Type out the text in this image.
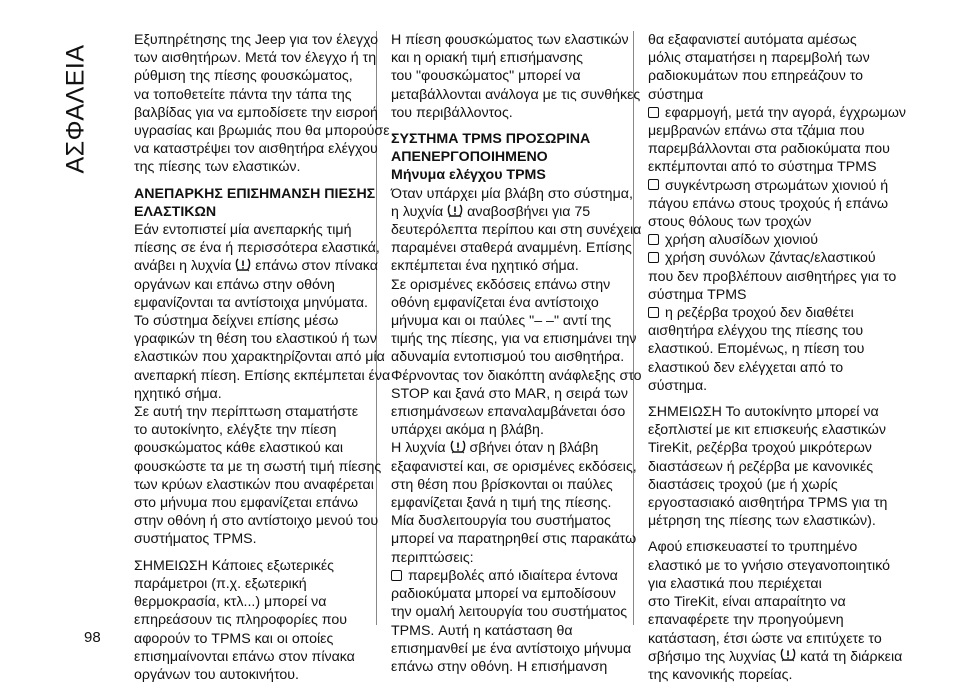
ΑΣΦΑΛΕΙΑ
Εξυπηρέτησης της Jeep για τον έλεγχο
των αισθητήρων. Μετά τον έλεγχο ή τη
ρύθμιση της πίεσης φουσκώματος,
να τοποθετείτε πάντα την τάπα της
βαλβίδας για να εμποδίσετε την εισροή
υγρασίας και βρωμιάς που θα μπορούσε
να καταστρέψει τον αισθητήρα ελέγχου
της πίεσης των ελαστικών.
ΑΝΕΠΑΡΚΗΣ ΕΠΙΣΗΜΑΝΣΗ ΠΙΕΣΗΣ
ΕΛΑΣΤΙΚΩΝ
Εάν εντοπιστεί μία ανεπαρκής τιμή
πίεσης σε ένα ή περισσότερα ελαστικά,
ανάβει η λυχνία επάνω στον πίνακα
οργάνων και επάνω στην οθόνη
εμφανίζονται τα αντίστοιχα μηνύματα.
Το σύστημα δείχνει επίσης μέσω
γραφικών τη θέση του ελαστικού ή των
ελαστικών που χαρακτηρίζονται από μία
ανεπαρκή πίεση. Επίσης εκπέμπεται ένα
ηχητικό σήμα.
Σε αυτή την περίπτωση σταματήστε
το αυτοκίνητο, ελέγξτε την πίεση
φουσκώματος κάθε ελαστικού και
φουσκώστε τα με τη σωστή τιμή πίεσης
των κρύων ελαστικών που αναφέρεται
στο μήνυμα που εμφανίζεται επάνω
στην οθόνη ή στο αντίστοιχο μενού του
συστήματος TPMS.
ΣΗΜΕΙΩΣΗ Κάποιες εξωτερικές
παράμετροι (π.χ. εξωτερική
θερμοκρασία, κτλ...) μπορεί να
επηρεάσουν τις πληροφορίες που
αφορούν το TPMS και οι οποίες
επισημαίνονται επάνω στον πίνακα
οργάνων του αυτοκινήτου.
Η πίεση φουσκώματος των ελαστικών
και η οριακή τιμή επισήμανσης
του "φουσκώματος" μπορεί να
μεταβάλλονται ανάλογα με τις συνθήκες
του περιβάλλοντος.
ΣΥΣΤΗΜΑ TPMS ΠΡΟΣΩΡΙΝΑ
ΑΠΕΝΕΡΓΟΠΟΙΗΜΕΝΟ
Μήνυμα ελέγχου TPMS
Όταν υπάρχει μία βλάβη στο σύστημα,
η λυχνία αναβοσβήνει για 75
δευτερόλεπτα περίπου και στη συνέχεια
παραμένει σταθερά αναμμένη. Επίσης
εκπέμπεται ένα ηχητικό σήμα.
Σε ορισμένες εκδόσεις επάνω στην
οθόνη εμφανίζεται ένα αντίστοιχο
μήνυμα και οι παύλες "– –" αντί της
τιμής της πίεσης, για να επισημάνει την
αδυναμία εντοπισμού του αισθητήρα.
Φέρνοντας τον διακόπτη ανάφλεξης στο
STOP και ξανά στο MAR, η σειρά των
επισημάνσεων επαναλαμβάνεται όσο
υπάρχει ακόμα η βλάβη.
Η λυχνία σβήνει όταν η βλάβη
εξαφανιστεί και, σε ορισμένες εκδόσεις,
στη θέση που βρίσκονται οι παύλες
εμφανίζεται ξανά η τιμή της πίεσης.
Μία δυσλειτουργία του συστήματος
μπορεί να παρατηρηθεί στις παρακάτω
περιπτώσεις:
παρεμβολές από ιδιαίτερα έντονα
ραδιοκύματα μπορεί να εμποδίσουν
την ομαλή λειτουργία του συστήματος
TPMS. Αυτή η κατάσταση θα
επισημανθεί με ένα αντίστοιχο μήνυμα
επάνω στην οθόνη. Η επισήμανση
θα εξαφανιστεί αυτόματα αμέσως
μόλις σταματήσει η παρεμβολή των
ραδιοκυμάτων που επηρεάζουν το
σύστημα
εφαρμογή, μετά την αγορά, έγχρωμων
μεμβρανών επάνω στα τζάμια που
παρεμβάλλονται στα ραδιοκύματα που
εκπέμπονται από το σύστημα TPMS
συγκέντρωση στρωμάτων χιονιού ή
πάγου επάνω στους τροχούς ή επάνω
στους θόλους των τροχών
χρήση αλυσίδων χιονιού
χρήση συνόλων ζάντας/ελαστικού
που δεν προβλέπουν αισθητήρες για το
σύστημα TPMS
η ρεζέρβα τροχού δεν διαθέτει
αισθητήρα ελέγχου της πίεσης του
ελαστικού. Επομένως, η πίεση του
ελαστικού δεν ελέγχεται από το
σύστημα.
ΣΗΜΕΙΩΣΗ Το αυτοκίνητο μπορεί να
εξοπλιστεί με κιτ επισκευής ελαστικών
TireKit, ρεζέρβα τροχού μικρότερων
διαστάσεων ή ρεζέρβα με κανονικές
διαστάσεις τροχού (με ή χωρίς
εργοστασιακό αισθητήρα TPMS για τη
μέτρηση της πίεσης των ελαστικών).
Αφού επισκευαστεί το τρυπημένο
ελαστικό με το γνήσιο στεγανοποιητικό
για ελαστικά που περιέχεται
στο TireKit, είναι απαραίτητο να
επαναφέρετε την προηγούμενη
κατάσταση, έτσι ώστε να επιτύχετε το
σβήσιμο της λυχνίας κατά τη διάρκεια
της κανονικής πορείας.
98
